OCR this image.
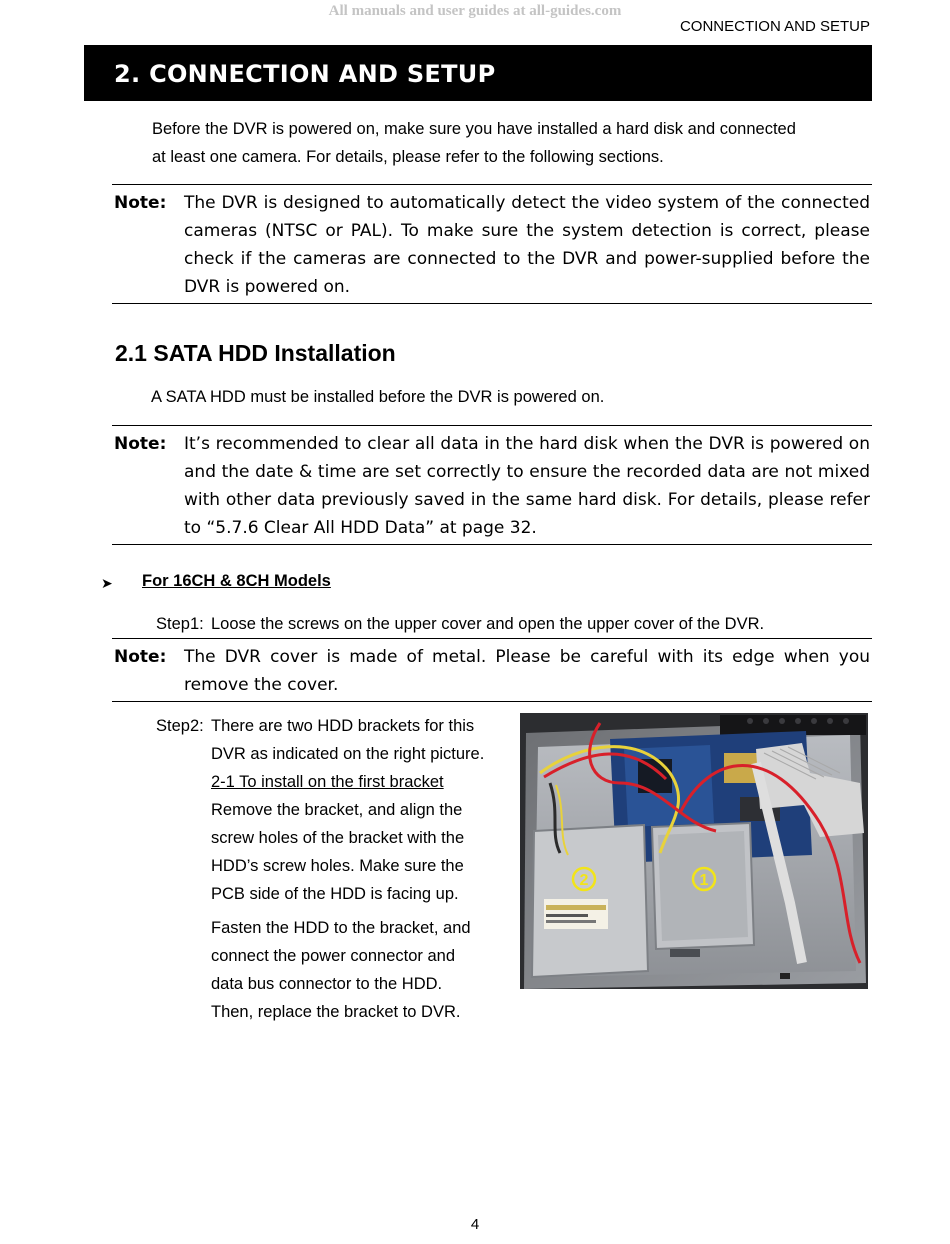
All manuals and user guides at all-guides.com
CONNECTION AND SETUP
2. CONNECTION AND SETUP

Before the DVR is powered on, make sure you have installed a hard disk and connected

at least one camera. For details, please refer to the following sections.

Note: The DVR is designed to automatically detect the video system of the connected cameras (NTSC or PAL). To make sure the system detection is correct, please check if the cameras are connected to the DVR and power-supplied before the DVR is powered on.
2.1 SATA HDD Installation

A SATA HDD must be installed before the DVR is powered on.

Note: It’s recommended to clear all data in the hard disk when the DVR is powered on and the date & time are set correctly to ensure the recorded data are not mixed with other data previously saved in the same hard disk. For details, please refer to “5.7.6 Clear All HDD Data” at page 32.
➤ For 16CH & 8CH Models
Step1: Loose the screws on the upper cover and open the upper cover of the DVR.
Note: The DVR cover is made of metal. Please be careful with its edge when you remove the cover.
Step2: There are two HDD brackets for this
DVR as indicated on the right picture.
2-1 To install on the first bracket
Remove the bracket, and align the
screw holes of the bracket with the
HDD’s screw holes. Make sure the
PCB side of the HDD is facing up.
Fasten the HDD to the bracket, and
connect the power connector and
data bus connector to the HDD.
Then, replace the bracket to DVR.
2	1
4
